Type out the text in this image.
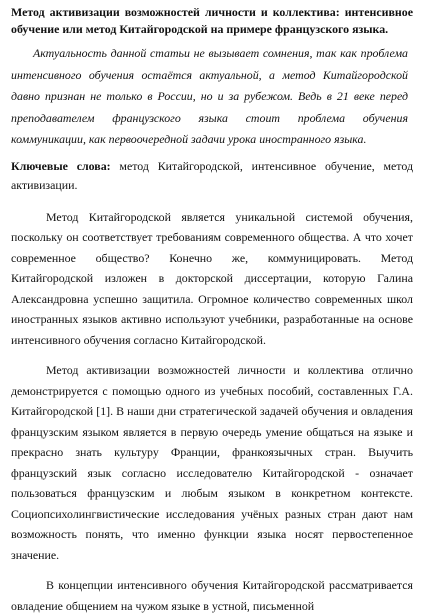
Метод активизации возможностей личности и коллектива: интенсивное обучение или метод Китайгородской на примере французского языка.

Актуальность данной статьи не вызывает сомнения, так как проблема интенсивного обучения остаётся актуальной, а метод Китайгородской давно признан не только в России, но и за рубежом. Ведь в 21 веке перед преподавателем французского языка стоит проблема обучения коммуникации, как первоочередной задачи урока иностранного языка.

Ключевые слова: метод Китайгородской, интенсивное обучение, метод активизации.

Метод Китайгородской является уникальной системой обучения, поскольку он соответствует требованиям современного общества. А что хочет современное общество? Конечно же, коммуницировать. Метод Китайгородской изложен в докторской диссертации, которую Галина Александровна успешно защитила. Огромное количество современных школ иностранных языков активно используют учебники, разработанные на основе интенсивного обучения согласно Китайгородской.

Метод активизации возможностей личности и коллектива отлично демонстрируется с помощью одного из учебных пособий, составленных Г.А. Китайгородской [1]. В наши дни стратегической задачей обучения и овладения французским языком является в первую очередь умение общаться на языке и прекрасно знать культуру Франции, франкоязычных стран. Выучить французский язык согласно исследователю Китайгородской - означает пользоваться французским и любым языком в конкретном контексте. Социопсихолингвистические исследования учёных разных стран дают нам возможность понять, что именно функции языка носят первостепенное значение.

В концепции интенсивного обучения Китайгородской рассматривается овладение общением на чужом языке в устной, письменной
